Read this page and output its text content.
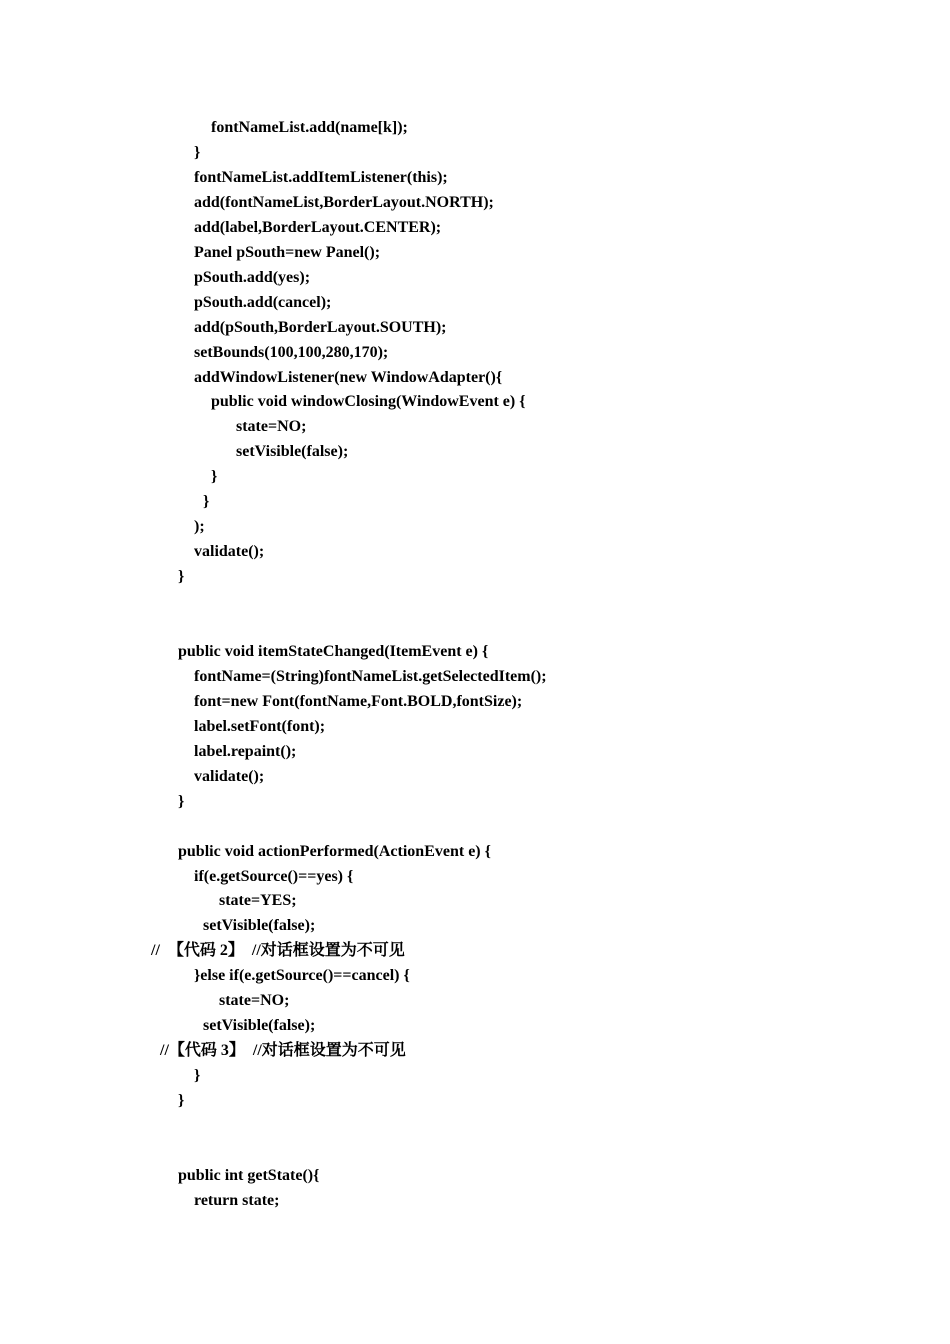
fontNameList.add(name[k]);
}
fontNameList.addItemListener(this);
add(fontNameList,BorderLayout.NORTH);
add(label,BorderLayout.CENTER);
Panel pSouth=new Panel();
pSouth.add(yes);
pSouth.add(cancel);
add(pSouth,BorderLayout.SOUTH);
setBounds(100,100,280,170);
addWindowListener(new WindowAdapter(){
public void windowClosing(WindowEvent e) {
state=NO;
setVisible(false);
}
}
);
validate();
}
public void itemStateChanged(ItemEvent e) {
fontName=(String)fontNameList.getSelectedItem();
font=new Font(fontName,Font.BOLD,fontSize);
label.setFont(font);
label.repaint();
validate();
}
public void actionPerformed(ActionEvent e) {
if(e.getSource()==yes) {
state=YES;
setVisible(false);
//  【代码 2】  //对话框设置为不可见
}else if(e.getSource()==cancel) {
state=NO;
setVisible(false);
//【代码 3】  //对话框设置为不可见
}
}
public int getState(){
return state;
